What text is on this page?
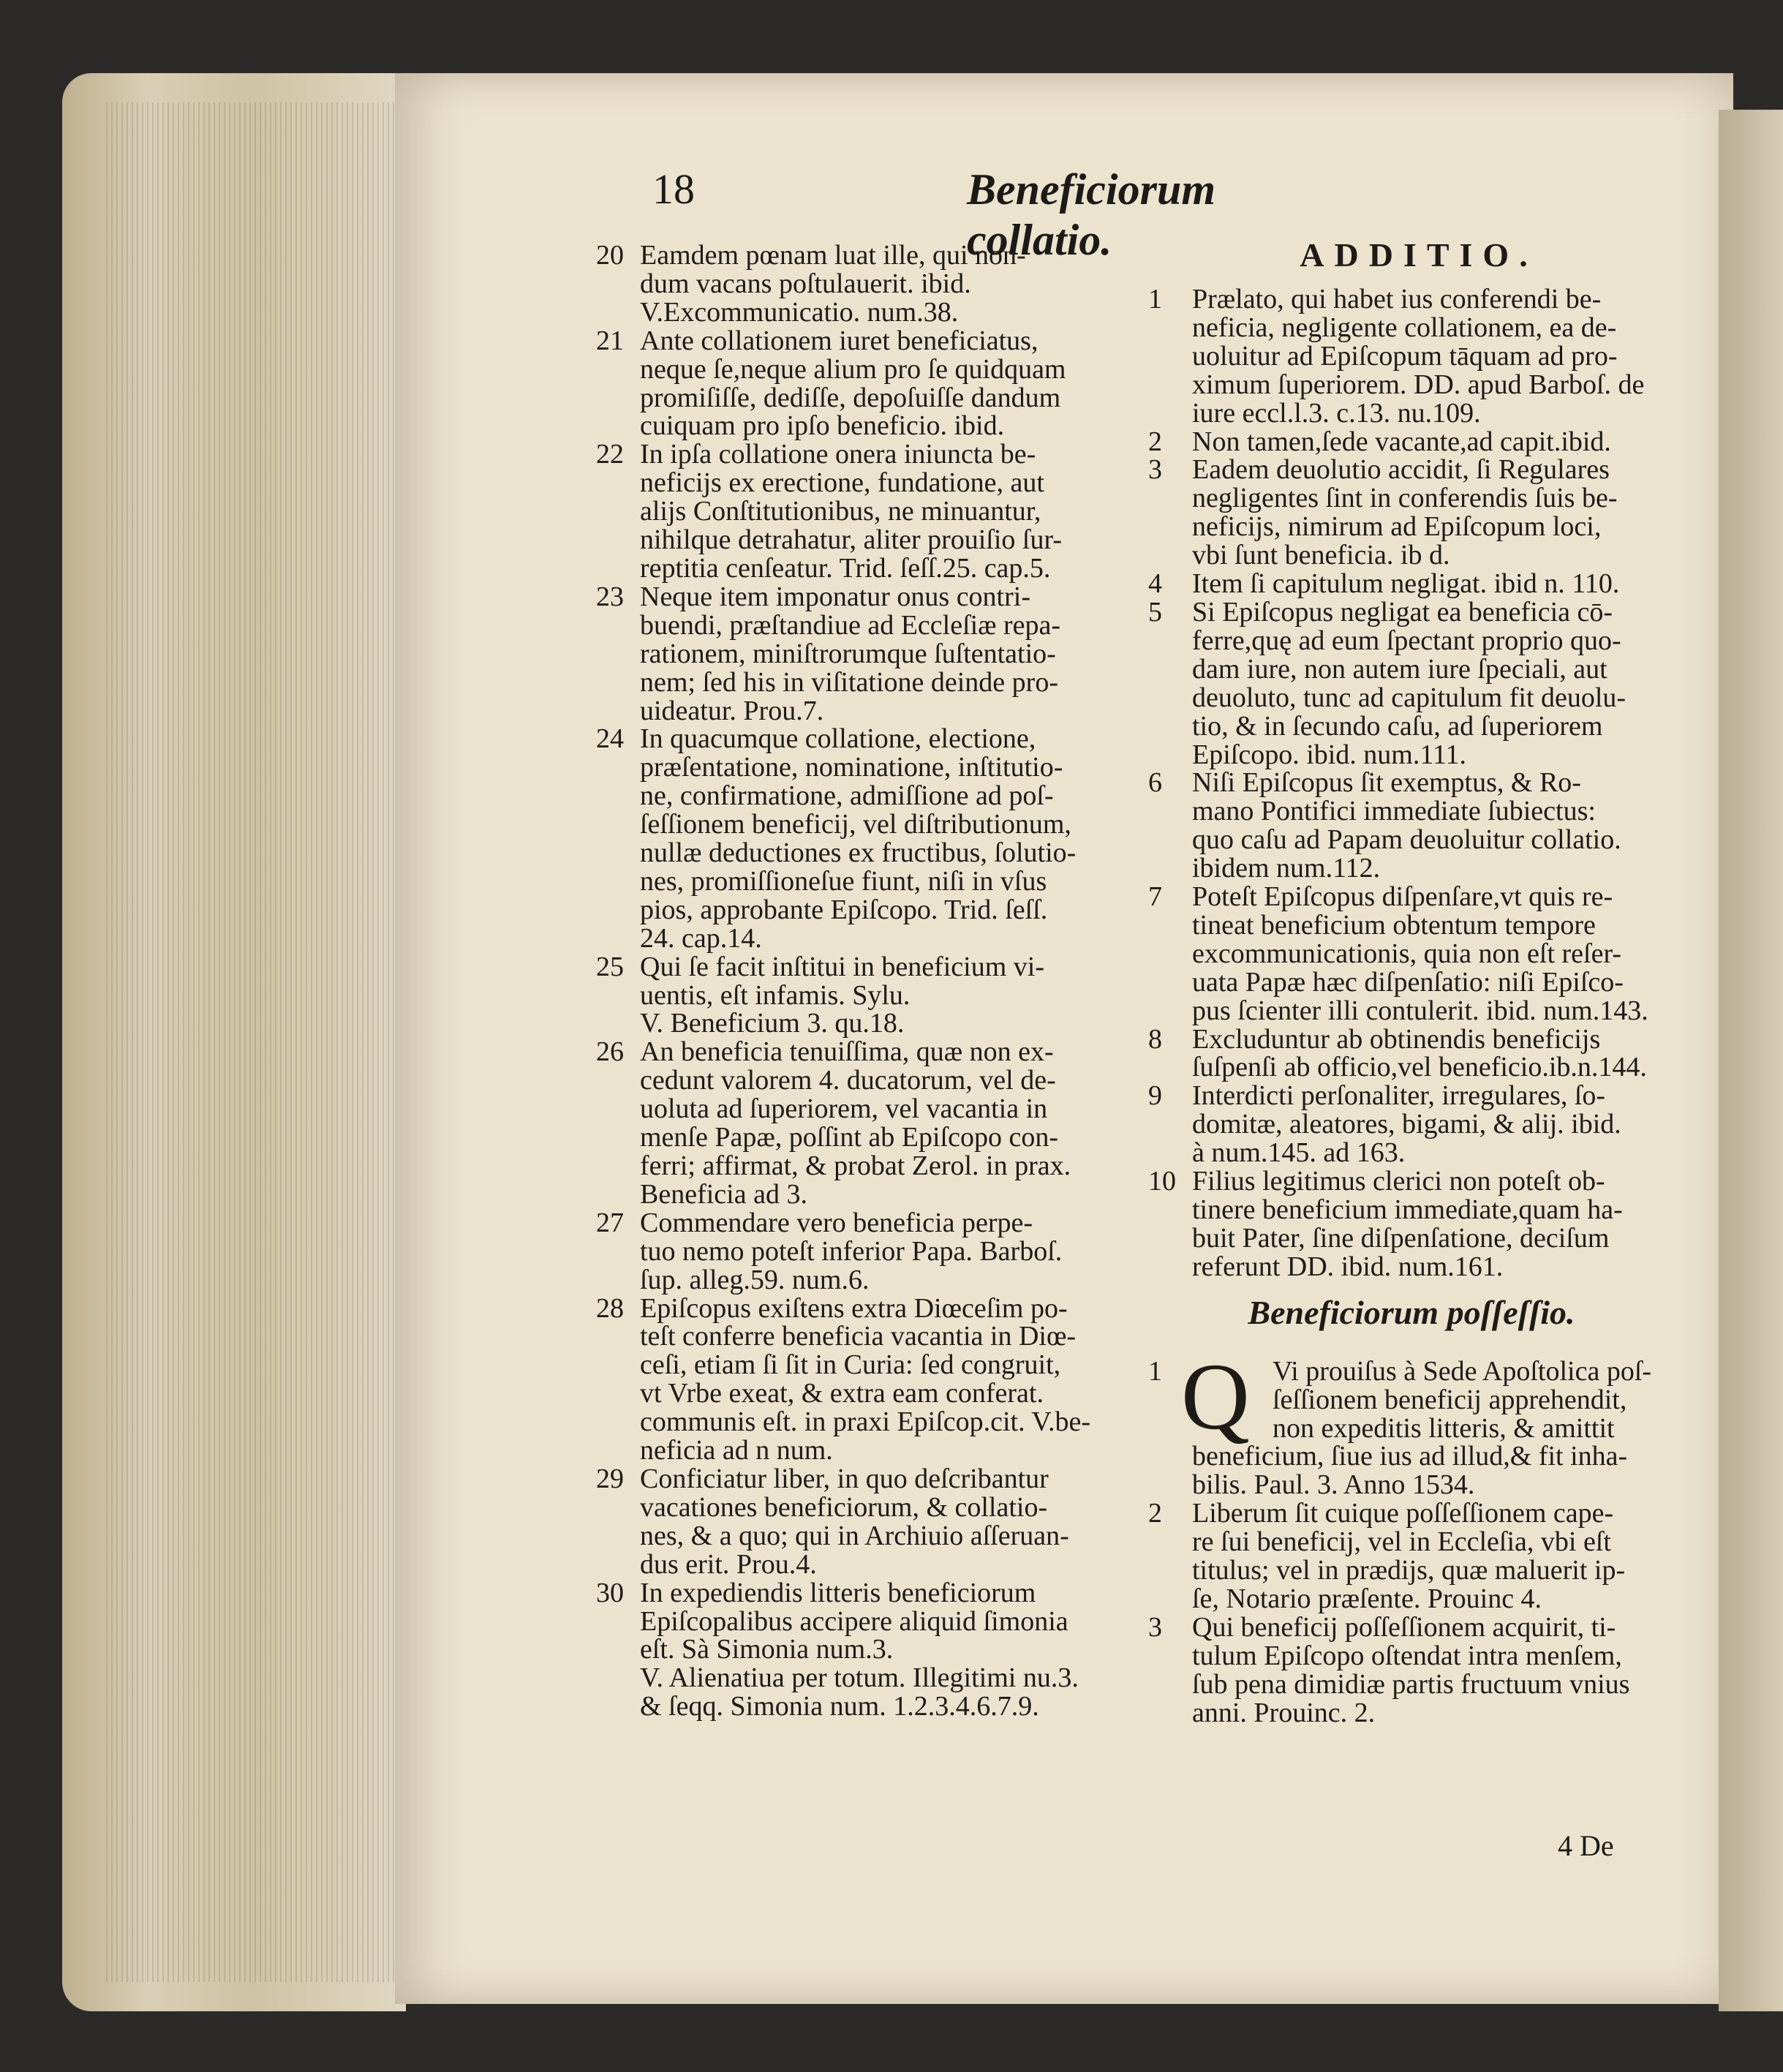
18	Beneficiorum collatio.
20 Eamdem pœnam luat ille, qui non-
dum vacans poſtulauerit. ibid.
V.Excommunicatio. num.38.
21 Ante collationem iuret beneficiatus,
neque ſe,neque alium pro ſe quidquam
promiſiſſe, dediſſe, depoſuiſſe dandum
cuiquam pro ipſo beneficio. ibid.
22 In ipſa collatione onera iniuncta be-
neficijs ex erectione, fundatione, aut
alijs Conſtitutionibus, ne minuantur,
nihilque detrahatur, aliter prouiſio ſur-
reptitia cenſeatur. Trid. ſeſſ.25. cap.5.
23 Neque item imponatur onus contri-
buendi, præſtandiue ad Eccleſiæ repa-
rationem, miniſtrorumque ſuſtentatio-
nem; ſed his in viſitatione deinde pro-
uideatur. Prou.7.
24 In quacumque collatione, electione,
præſentatione, nominatione, inſtitutio-
ne, confirmatione, admiſſione ad poſ-
ſeſſionem beneficij, vel diſtributionum,
nullæ deductiones ex fructibus, ſolutio-
nes, promiſſioneſue fiunt, niſi in vſus
pios, approbante Epiſcopo. Trid. ſeſſ.
24. cap.14.
25 Qui ſe facit inſtitui in beneficium vi-
uentis, eſt infamis. Sylu.
V. Beneficium 3. qu.18.
26 An beneficia tenuiſſima, quæ non ex-
cedunt valorem 4. ducatorum, vel de-
uoluta ad ſuperiorem, vel vacantia in
menſe Papæ, poſſint ab Epiſcopo con-
ferri; affirmat, & probat Zerol. in prax.
Beneficia ad 3.
27 Commendare vero beneficia perpe-
tuo nemo poteſt inferior Papa. Barboſ.
ſup. alleg.59. num.6.
28 Epiſcopus exiſtens extra Diœceſim po-
teſt conferre beneficia vacantia in Diœ-
ceſi, etiam ſi ſit in Curia: ſed congruit,
vt Vrbe exeat, & extra eam conferat.
communis eſt. in praxi Epiſcop.cit. V.be-
neficia ad n num.
29 Conficiatur liber, in quo deſcribantur
vacationes beneficiorum, & collatio-
nes, & a quo; qui in Archiuio aſſeruan-
dus erit. Prou.4.
30 In expediendis litteris beneficiorum
Epiſcopalibus accipere aliquid ſimonia
eſt. Sà Simonia num.3.
V. Alienatiua per totum. Illegitimi nu.3.
& ſeqq. Simonia num. 1.2.3.4.6.7.9.
ADDITIO.
1	Prælato, qui habet ius conferendi be-
neficia, negligente collationem, ea de-
uoluitur ad Epiſcopum tāquam ad pro-
ximum ſuperiorem. DD. apud Barboſ. de
iure eccl.l.3. c.13. nu.109.
2	Non tamen,ſede vacante,ad capit.ibid.
3	Eadem deuolutio accidit, ſi Regulares
negligentes ſint in conferendis ſuis be-
neficijs, nimirum ad Epiſcopum loci,
vbi ſunt beneficia. ib d.
4	Item ſi capitulum negligat. ibid n. 110.
5	Si Epiſcopus negligat ea beneficia cō-
ferre,quę ad eum ſpectant proprio quo-
dam iure, non autem iure ſpeciali, aut
deuoluto, tunc ad capitulum fit deuolu-
tio, & in ſecundo caſu, ad ſuperiorem
Epiſcopo. ibid. num.111.
6	Niſi Epiſcopus ſit exemptus, & Ro-
mano Pontifici immediate ſubiectus:
quo caſu ad Papam deuoluitur collatio.
ibidem num.112.
7	Poteſt Epiſcopus diſpenſare,vt quis re-
tineat beneficium obtentum tempore
excommunicationis, quia non eſt reſer-
uata Papæ hæc diſpenſatio: niſi Epiſco-
pus ſcienter illi contulerit. ibid. num.143.
8	Excluduntur ab obtinendis beneficijs
ſuſpenſi ab officio,vel beneficio.ib.n.144.
9	Interdicti perſonaliter, irregulares, ſo-
domitæ, aleatores, bigami, & alij. ibid.
à num.145. ad 163.
10 Filius legitimus clerici non poteſt ob-
tinere beneficium immediate,quam ha-
buit Pater, ſine diſpenſatione, deciſum
referunt DD. ibid. num.161.
Beneficiorum poſſeſſio.
1 Q Vi prouiſus à Sede Apoſtolica poſ-
ſeſſionem beneficij apprehendit,
non expeditis litteris, & amittit
beneficium, ſiue ius ad illud,& fit inha-
bilis. Paul. 3. Anno 1534.
2	Liberum ſit cuique poſſeſſionem cape-
re ſui beneficij, vel in Eccleſia, vbi eſt
titulus; vel in prædijs, quæ maluerit ip-
ſe, Notario præſente. Prouinc 4.
3	Qui beneficij poſſeſſionem acquirit, ti-
tulum Epiſcopo oſtendat intra menſem,
ſub pena dimidiæ partis fructuum vnius
anni. Prouinc. 2.
4 De
